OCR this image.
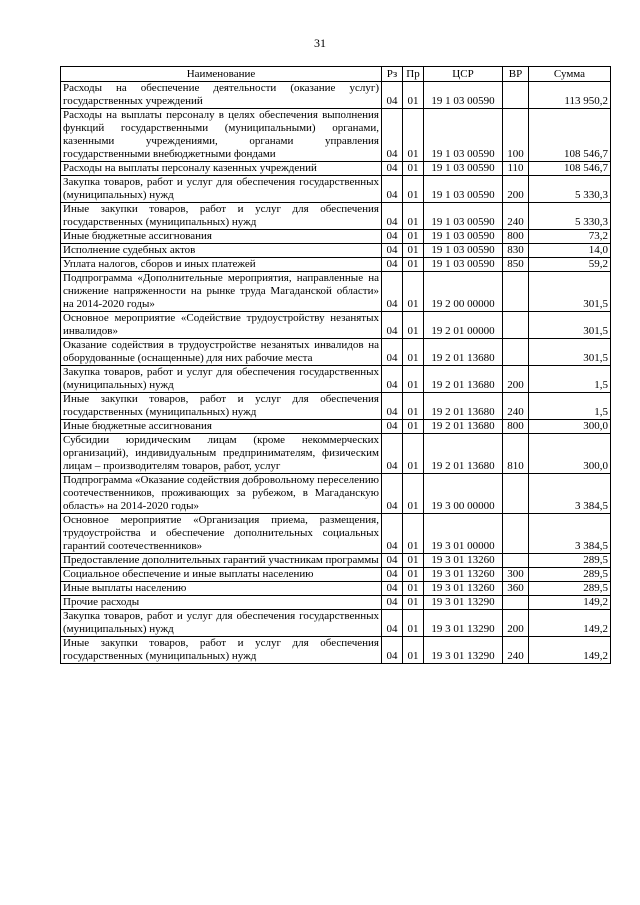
31
Наименование	Рз	Пр	ЦСР	ВР	Сумма
Расходы на обеспечение деятельности (оказание услуг) государственных учреждений	04	01	19 1 03 00590		113 950,2
Расходы на выплаты персоналу в целях обеспечения выполнения функций государственными (муниципальными) органами, казенными учреждениями, органами управления государственными внебюджетными фондами	04	01	19 1 03 00590	100	108 546,7
Расходы на выплаты персоналу казенных учреждений	04	01	19 1 03 00590	110	108 546,7
Закупка товаров, работ и услуг для обеспечения государственных (муниципальных) нужд	04	01	19 1 03 00590	200	5 330,3
Иные закупки товаров, работ и услуг для обеспечения государственных (муниципальных) нужд	04	01	19 1 03 00590	240	5 330,3
Иные бюджетные ассигнования	04	01	19 1 03 00590	800	73,2
Исполнение судебных актов	04	01	19 1 03 00590	830	14,0
Уплата налогов, сборов и иных платежей	04	01	19 1 03 00590	850	59,2
Подпрограмма «Дополнительные мероприятия, направленные на снижение напряженности на рынке труда Магаданской области» на 2014-2020 годы»	04	01	19 2 00 00000		301,5
Основное мероприятие «Содействие трудоустройству незанятых инвалидов»	04	01	19 2 01 00000		301,5
Оказание содействия в трудоустройстве незанятых инвалидов на оборудованные (оснащенные) для них рабочие места	04	01	19 2 01 13680		301,5
Закупка товаров, работ и услуг для обеспечения государственных (муниципальных) нужд	04	01	19 2 01 13680	200	1,5
Иные закупки товаров, работ и услуг для обеспечения государственных (муниципальных) нужд	04	01	19 2 01 13680	240	1,5
Иные бюджетные ассигнования	04	01	19 2 01 13680	800	300,0
Субсидии юридическим лицам (кроме некоммерческих организаций), индивидуальным предпринимателям, физическим лицам – производителям товаров, работ, услуг	04	01	19 2 01 13680	810	300,0
Подпрограмма «Оказание содействия добровольному переселению соотечественников, проживающих за рубежом, в Магаданскую область» на 2014-2020 годы»	04	01	19 3 00 00000		3 384,5
Основное мероприятие «Организация приема, размещения, трудоустройства и обеспечение дополнительных социальных гарантий соотечественников»	04	01	19 3 01 00000		3 384,5
Предоставление дополнительных гарантий участникам программы	04	01	19 3 01 13260		289,5
Социальное обеспечение и иные выплаты населению	04	01	19 3 01 13260	300	289,5
Иные выплаты населению	04	01	19 3 01 13260	360	289,5
Прочие расходы	04	01	19 3 01 13290		149,2
Закупка товаров, работ и услуг для обеспечения государственных (муниципальных) нужд	04	01	19 3 01 13290	200	149,2
Иные закупки товаров, работ и услуг для обеспечения государственных (муниципальных) нужд	04	01	19 3 01 13290	240	149,2
